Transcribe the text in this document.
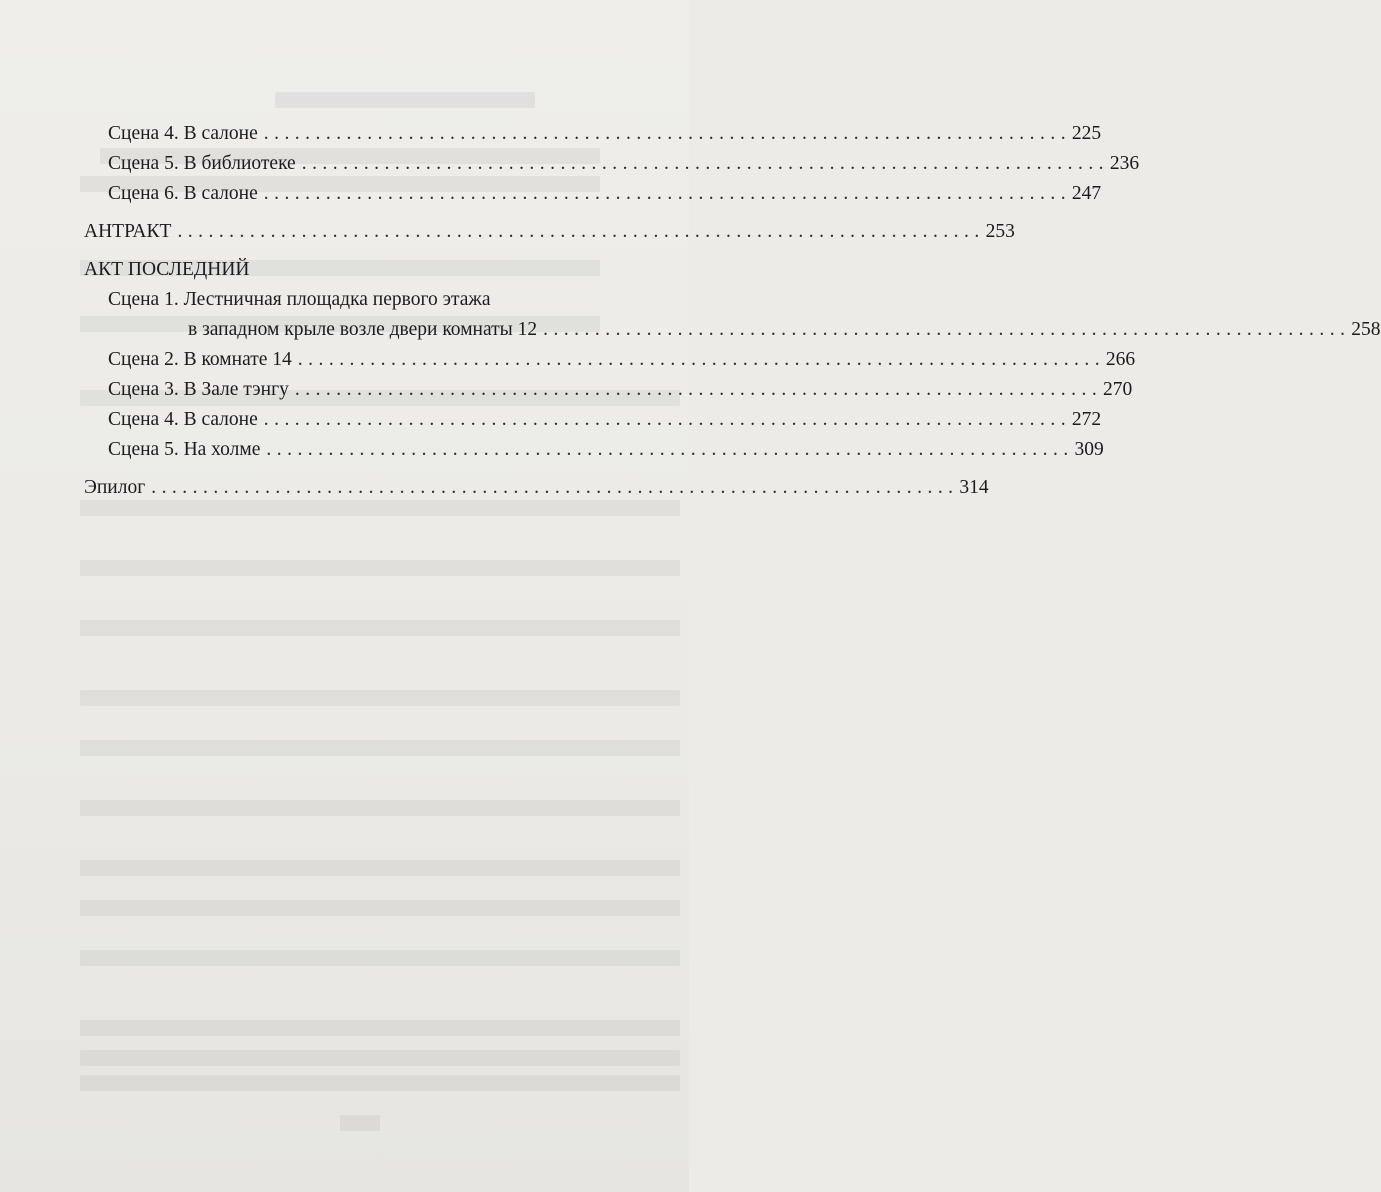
Сцена 4. В салоне . . .	225
Сцена 5. В библиотеке . . .	236
Сцена 6. В салоне . . .	247
АНТРАКТ . . .	253
АКТ ПОСЛЕДНИЙ
Сцена 1. Лестничная площадка первого этажа
в западном крыле возле двери комнаты 12 . . .	258
Сцена 2. В комнате 14 . . .	266
Сцена 3. В Зале тэнгу . . .	270
Сцена 4. В салоне . . .	272
Сцена 5. На холме . . .	309
Эпилог . . .	314
